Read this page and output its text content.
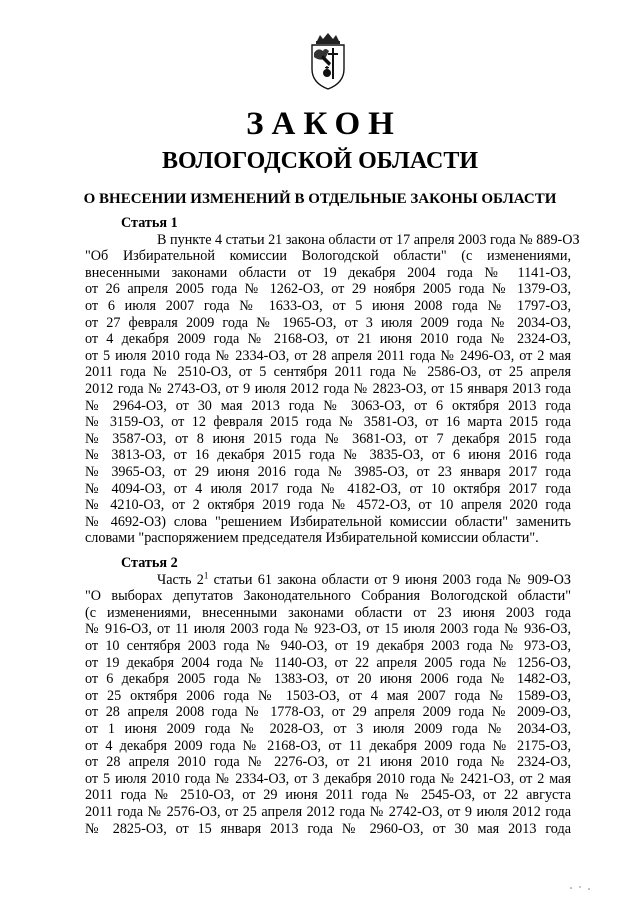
ЗАКОН
ВОЛОГОДСКОЙ ОБЛАСТИ
О ВНЕСЕНИИ ИЗМЕНЕНИЙ В ОТДЕЛЬНЫЕ ЗАКОНЫ ОБЛАСТИ
Статья 1
В пункте 4 статьи 21 закона области от 17 апреля 2003 года № 889-ОЗ
"Об Избирательной комиссии Вологодской области" (с изменениями,
внесенными законами области от 19 декабря 2004 года № 1141-ОЗ,
от 26 апреля 2005 года № 1262-ОЗ, от 29 ноября 2005 года № 1379-ОЗ,
от 6 июля 2007 года № 1633-ОЗ, от 5 июня 2008 года № 1797-ОЗ,
от 27 февраля 2009 года № 1965-ОЗ, от 3 июля 2009 года № 2034-ОЗ,
от 4 декабря 2009 года № 2168-ОЗ, от 21 июня 2010 года № 2324-ОЗ,
от 5 июля 2010 года № 2334-ОЗ, от 28 апреля 2011 года № 2496-ОЗ, от 2 мая
2011 года № 2510-ОЗ, от 5 сентября 2011 года № 2586-ОЗ, от 25 апреля
2012 года № 2743-ОЗ, от 9 июля 2012 года № 2823-ОЗ, от 15 января 2013 года
№ 2964-ОЗ, от 30 мая 2013 года № 3063-ОЗ, от 6 октября 2013 года
№ 3159-ОЗ, от 12 февраля 2015 года № 3581-ОЗ, от 16 марта 2015 года
№ 3587-ОЗ, от 8 июня 2015 года № 3681-ОЗ, от 7 декабря 2015 года
№ 3813-ОЗ, от 16 декабря 2015 года № 3835-ОЗ, от 6 июня 2016 года
№ 3965-ОЗ, от 29 июня 2016 года № 3985-ОЗ, от 23 января 2017 года
№ 4094-ОЗ, от 4 июля 2017 года № 4182-ОЗ, от 10 октября 2017 года
№ 4210-ОЗ, от 2 октября 2019 года № 4572-ОЗ, от 10 апреля 2020 года
№ 4692-ОЗ) слова "решением Избирательной комиссии области" заменить
словами "распоряжением председателя Избирательной комиссии области".
Статья 2
Часть $2^1$ статьи 61 закона области от 9 июня 2003 года № 909-ОЗ
"О выборах депутатов Законодательного Собрания Вологодской области"
(с изменениями, внесенными законами области от 23 июня 2003 года
№ 916-ОЗ, от 11 июля 2003 года № 923-ОЗ, от 15 июля 2003 года № 936-ОЗ,
от 10 сентября 2003 года № 940-ОЗ, от 19 декабря 2003 года № 973-ОЗ,
от 19 декабря 2004 года № 1140-ОЗ, от 22 апреля 2005 года № 1256-ОЗ,
от 6 декабря 2005 года № 1383-ОЗ, от 20 июня 2006 года № 1482-ОЗ,
от 25 октября 2006 года № 1503-ОЗ, от 4 мая 2007 года № 1589-ОЗ,
от 28 апреля 2008 года № 1778-ОЗ, от 29 апреля 2009 года № 2009-ОЗ,
от 1 июня 2009 года № 2028-ОЗ, от 3 июля 2009 года № 2034-ОЗ,
от 4 декабря 2009 года № 2168-ОЗ, от 11 декабря 2009 года № 2175-ОЗ,
от 28 апреля 2010 года № 2276-ОЗ, от 21 июня 2010 года № 2324-ОЗ,
от 5 июля 2010 года № 2334-ОЗ, от 3 декабря 2010 года № 2421-ОЗ, от 2 мая
2011 года № 2510-ОЗ, от 29 июня 2011 года № 2545-ОЗ, от 22 августа
2011 года № 2576-ОЗ, от 25 апреля 2012 года № 2742-ОЗ, от 9 июля 2012 года
№ 2825-ОЗ, от 15 января 2013 года № 2960-ОЗ, от 30 мая 2013 года
